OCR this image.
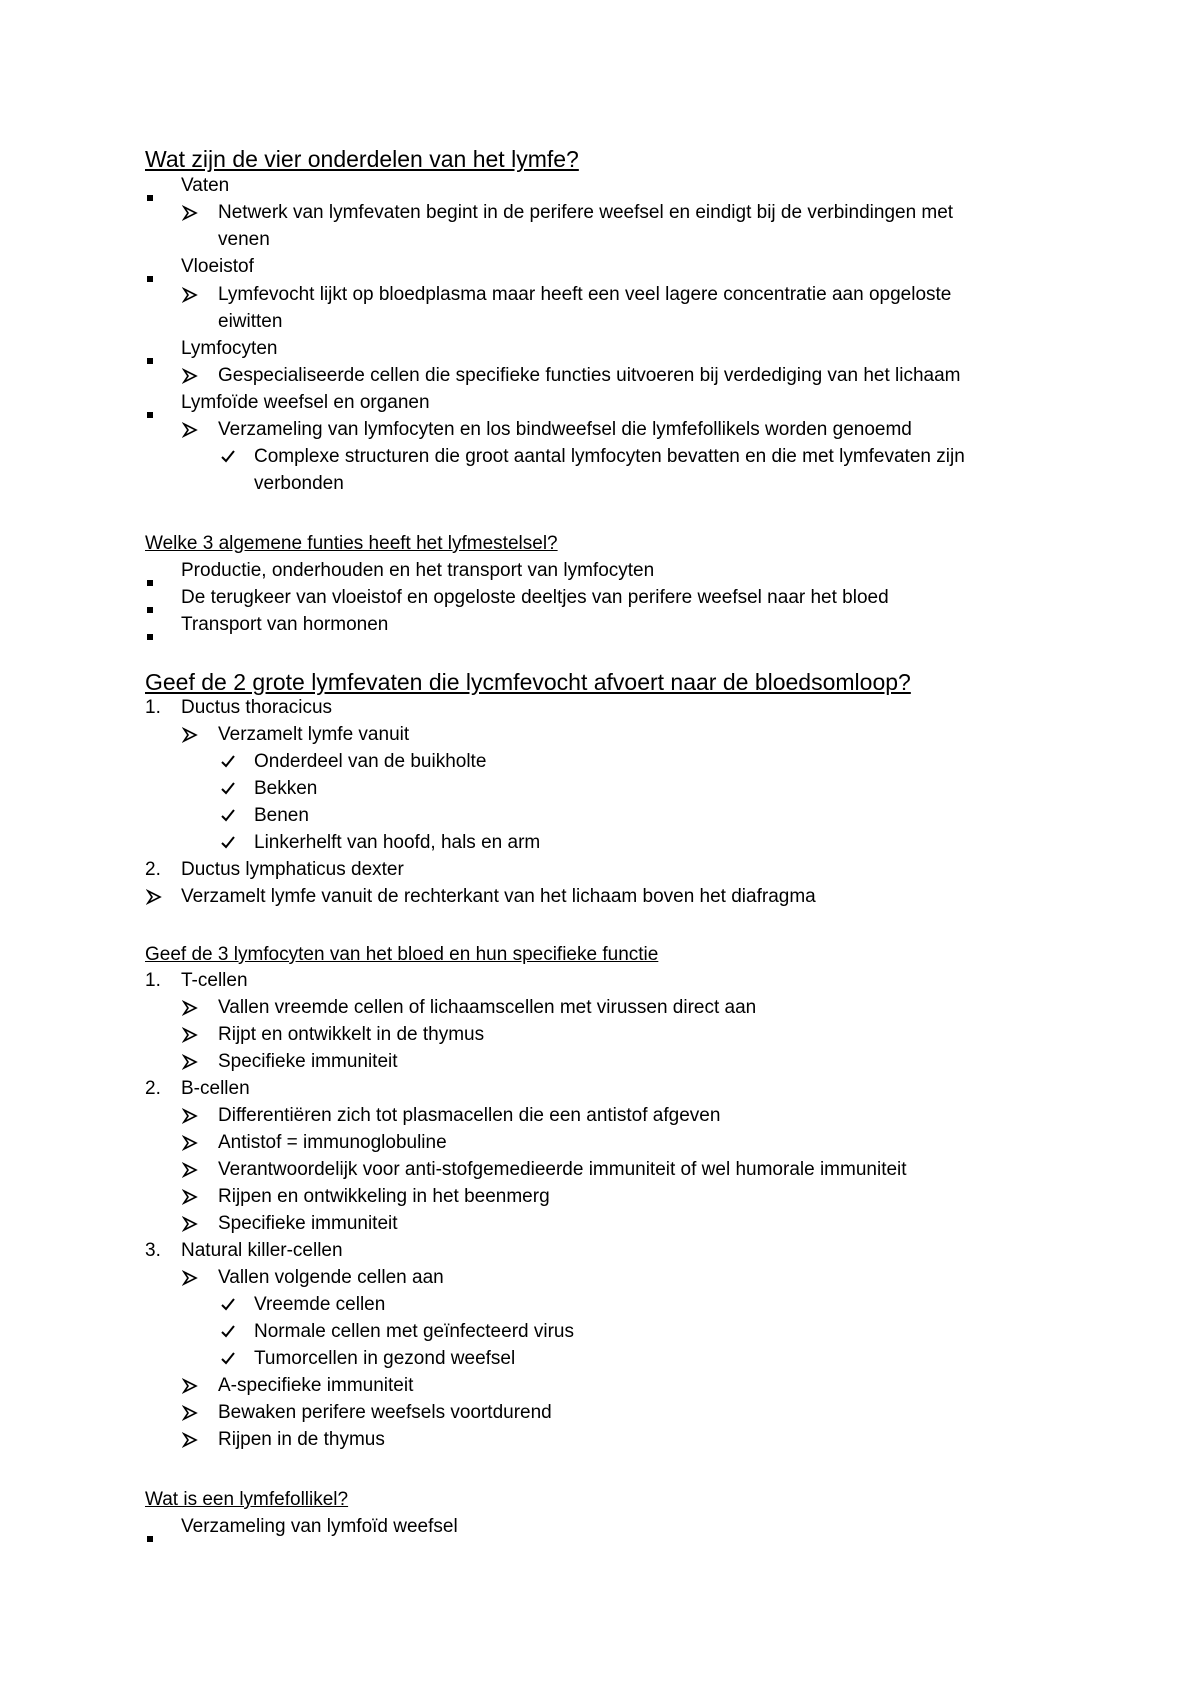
Wat zijn de vier onderdelen van het lymfe?
Vaten
Netwerk van lymfevaten begint in de perifere weefsel en eindigt bij de verbindingen met
venen
Vloeistof
Lymfevocht lijkt op bloedplasma maar heeft een veel lagere concentratie aan opgeloste
eiwitten
Lymfocyten
Gespecialiseerde cellen die specifieke functies uitvoeren bij verdediging van het lichaam
Lymfoïde weefsel en organen
Verzameling van lymfocyten en los bindweefsel die lymfefollikels worden genoemd
Complexe structuren die groot aantal lymfocyten bevatten en die met lymfevaten zijn
verbonden
Welke 3 algemene funties heeft het lyfmestelsel?
Productie, onderhouden en het transport van lymfocyten
De terugkeer van vloeistof en opgeloste deeltjes van perifere weefsel naar het bloed
Transport van hormonen
Geef de 2 grote lymfevaten die lycmfevocht afvoert naar de bloedsomloop?
1. Ductus thoracicus
Verzamelt lymfe vanuit
Onderdeel van de buikholte
Bekken
Benen
Linkerhelft van hoofd, hals en arm
2. Ductus lymphaticus dexter
Verzamelt lymfe vanuit de rechterkant van het lichaam boven het diafragma
Geef de 3 lymfocyten van het bloed en hun specifieke functie
1. T-cellen
Vallen vreemde cellen of lichaamscellen met virussen direct aan
Rijpt en ontwikkelt in de thymus
Specifieke immuniteit
2. B-cellen
Differentiëren zich tot plasmacellen die een antistof afgeven
Antistof = immunoglobuline
Verantwoordelijk voor anti-stofgemedieerde immuniteit of wel humorale immuniteit
Rijpen en ontwikkeling in het beenmerg
Specifieke immuniteit
3. Natural killer-cellen
Vallen volgende cellen aan
Vreemde cellen
Normale cellen met geïnfecteerd virus
Tumorcellen in gezond weefsel
A-specifieke immuniteit
Bewaken perifere weefsels voortdurend
Rijpen in de thymus
Wat is een lymfefollikel?
Verzameling van lymfoïd weefsel
